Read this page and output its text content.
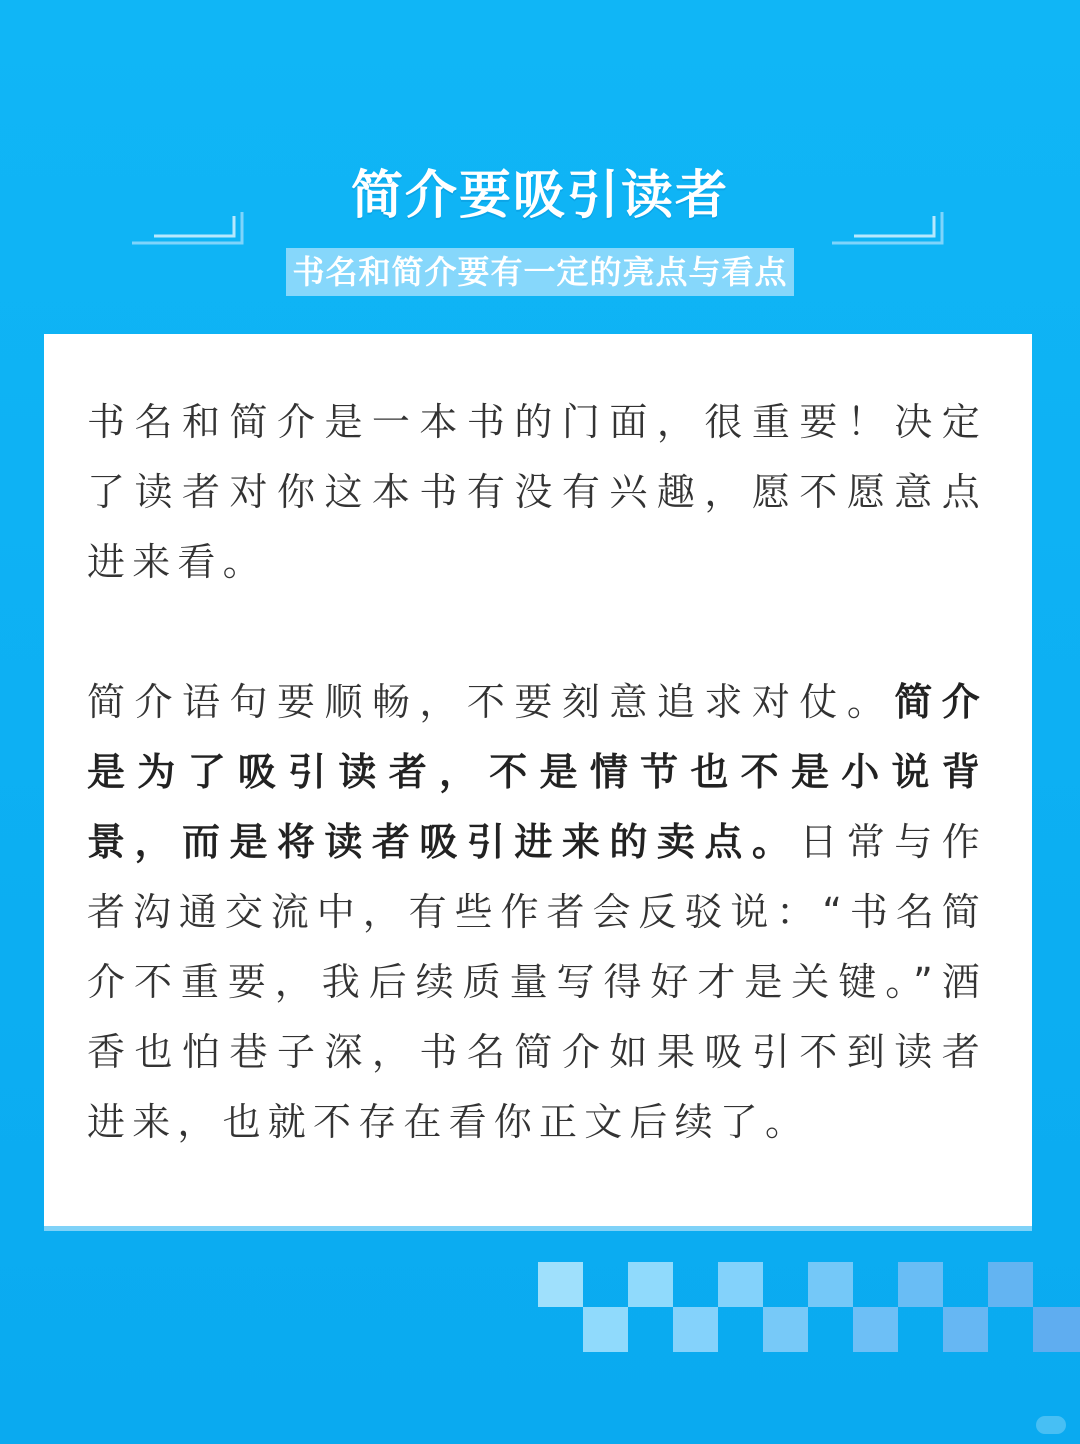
简介要吸引读者
书名和简介要有一定的亮点与看点

书名和简介是一本书的门面，很重要！决定了读者对你这本书有没有兴趣，愿不愿意点进来看。

简介语句要顺畅，不要刻意追求对仗。简介是为了吸引读者，不是情节也不是小说背景，而是将读者吸引进来的卖点。日常与作者沟通交流中，有些作者会反驳说：“书名简介不重要，我后续质量写得好才是关键。”酒香也怕巷子深，书名简介如果吸引不到读者进来，也就不存在看你正文后续了。
